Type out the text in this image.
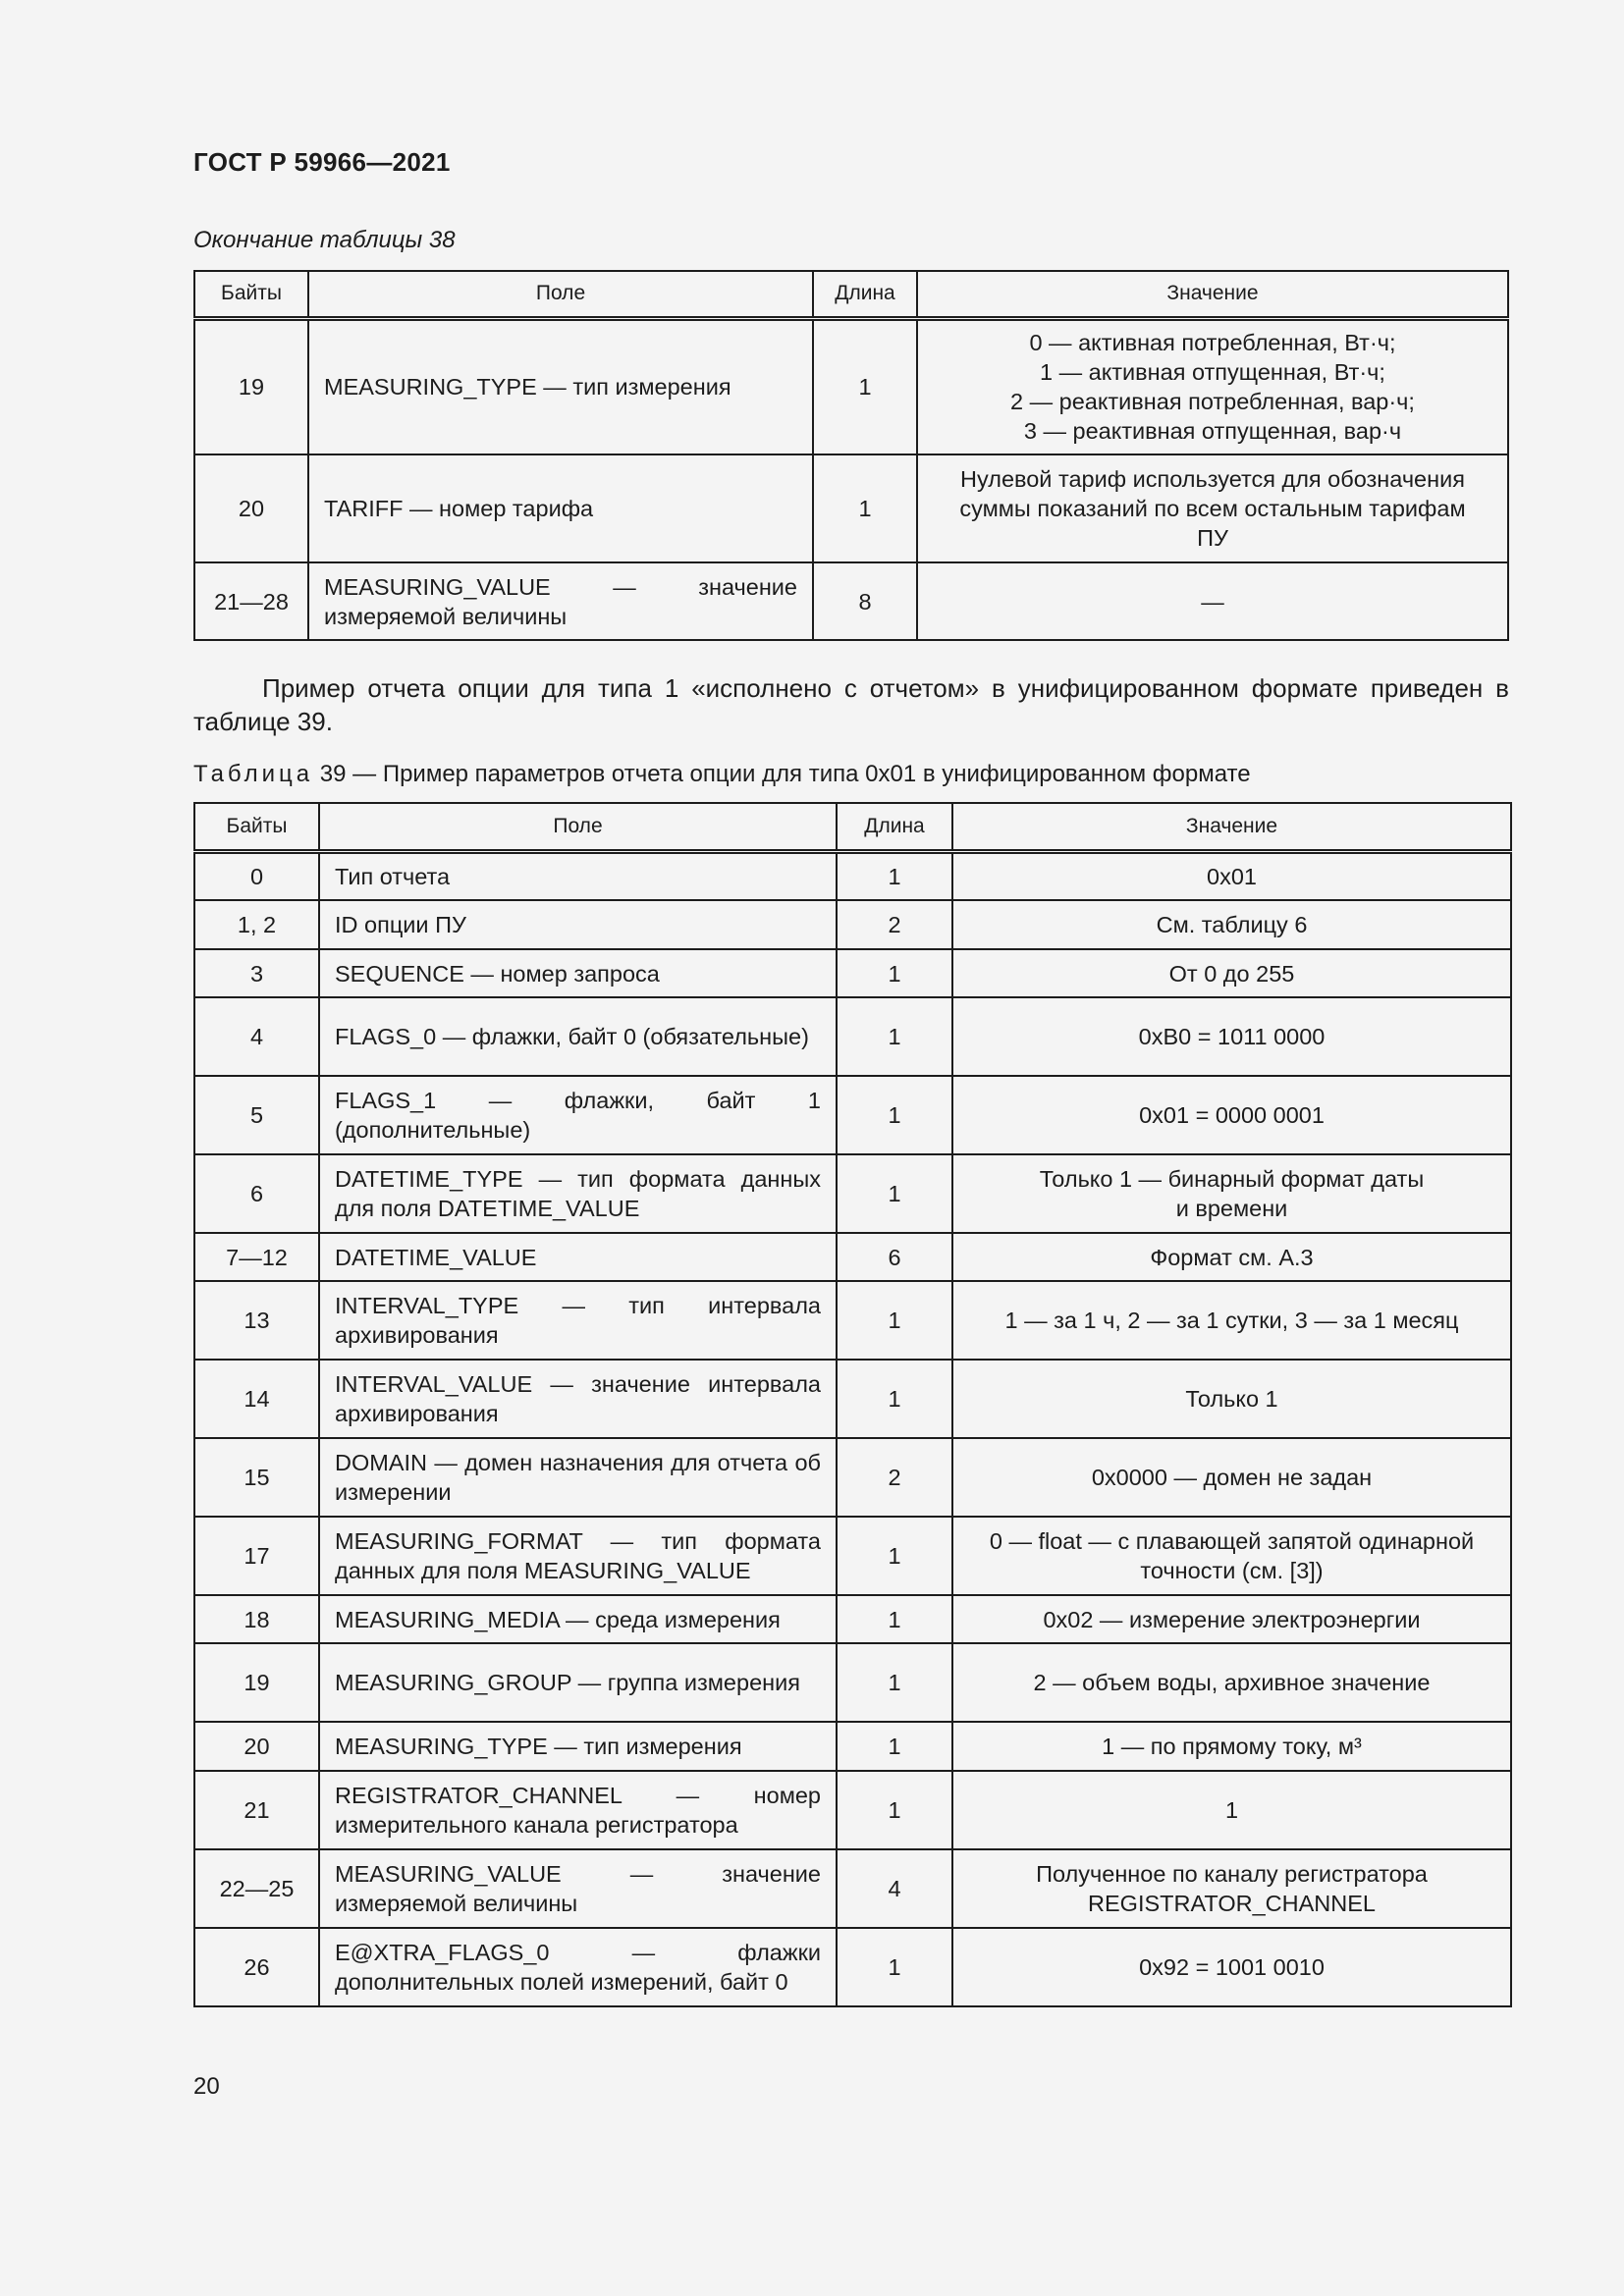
ГОСТ Р 59966—2021
Окончание таблицы 38
Байты	Поле	Длина	Значение
19	MEASURING_TYPE — тип измерения	1	0 — активная потребленная, Вт·ч;
1 — активная отпущенная, Вт·ч;
2 — реактивная потребленная, вар·ч;
3 — реактивная отпущенная, вар·ч

20	TARIFF — номер тарифа	1	Нулевой тариф используется для обозначения
суммы показаний по всем остальным тарифам
ПУ

21—28	MEASURING_VALUE — значение измеряемой величины	8	—

Пример отчета опции для типа 1 «исполнено с отчетом» в унифицированном формате приведен в таблице 39.

Таблица 39 — Пример параметров отчета опции для типа 0x01 в унифицированном формате
Байты	Поле	Длина	Значение
0	Тип отчета	1	0x01

1, 2	ID опции ПУ	2	См. таблицу 6

3	SEQUENCE — номер запроса	1	От 0 до 255

4	FLAGS_0 — флажки, байт 0 (обязательные)	1	0xB0 = 1011 0000

5	FLAGS_1 — флажки, байт 1 (дополнительные)	1	0x01 = 0000 0001

6	DATETIME_TYPE — тип формата данных для поля DATETIME_VALUE	1	Только 1 — бинарный формат даты
и времени

7—12	DATETIME_VALUE	6	Формат см. А.3

13	INTERVAL_TYPE — тип интервала архивирования	1	1 — за 1 ч, 2 — за 1 сутки, 3 — за 1 месяц

14	INTERVAL_VALUE — значение интервала архивирования	1	Только 1

15	DOMAIN — домен назначения для отчета об измерении	2	0x0000 — домен не задан

17	MEASURING_FORMAT — тип формата данных для поля MEASURING_VALUE	1	0 — float — с плавающей запятой одинарной
точности (см. [3])

18	MEASURING_MEDIA — среда измерения	1	0x02 — измерение электроэнергии

19	MEASURING_GROUP — группа измерения	1	2 — объем воды, архивное значение

20	MEASURING_TYPE — тип измерения	1	1 — по прямому току, м³

21	REGISTRATOR_CHANNEL — номер измерительного канала регистратора	1	1

22—25	MEASURING_VALUE — значение измеряемой величины	4	Полученное по каналу регистратора
REGISTRATOR_CHANNEL

26	E@XTRA_FLAGS_0 — флажки дополнительных полей измерений, байт 0	1	0x92 = 1001 0010
20
